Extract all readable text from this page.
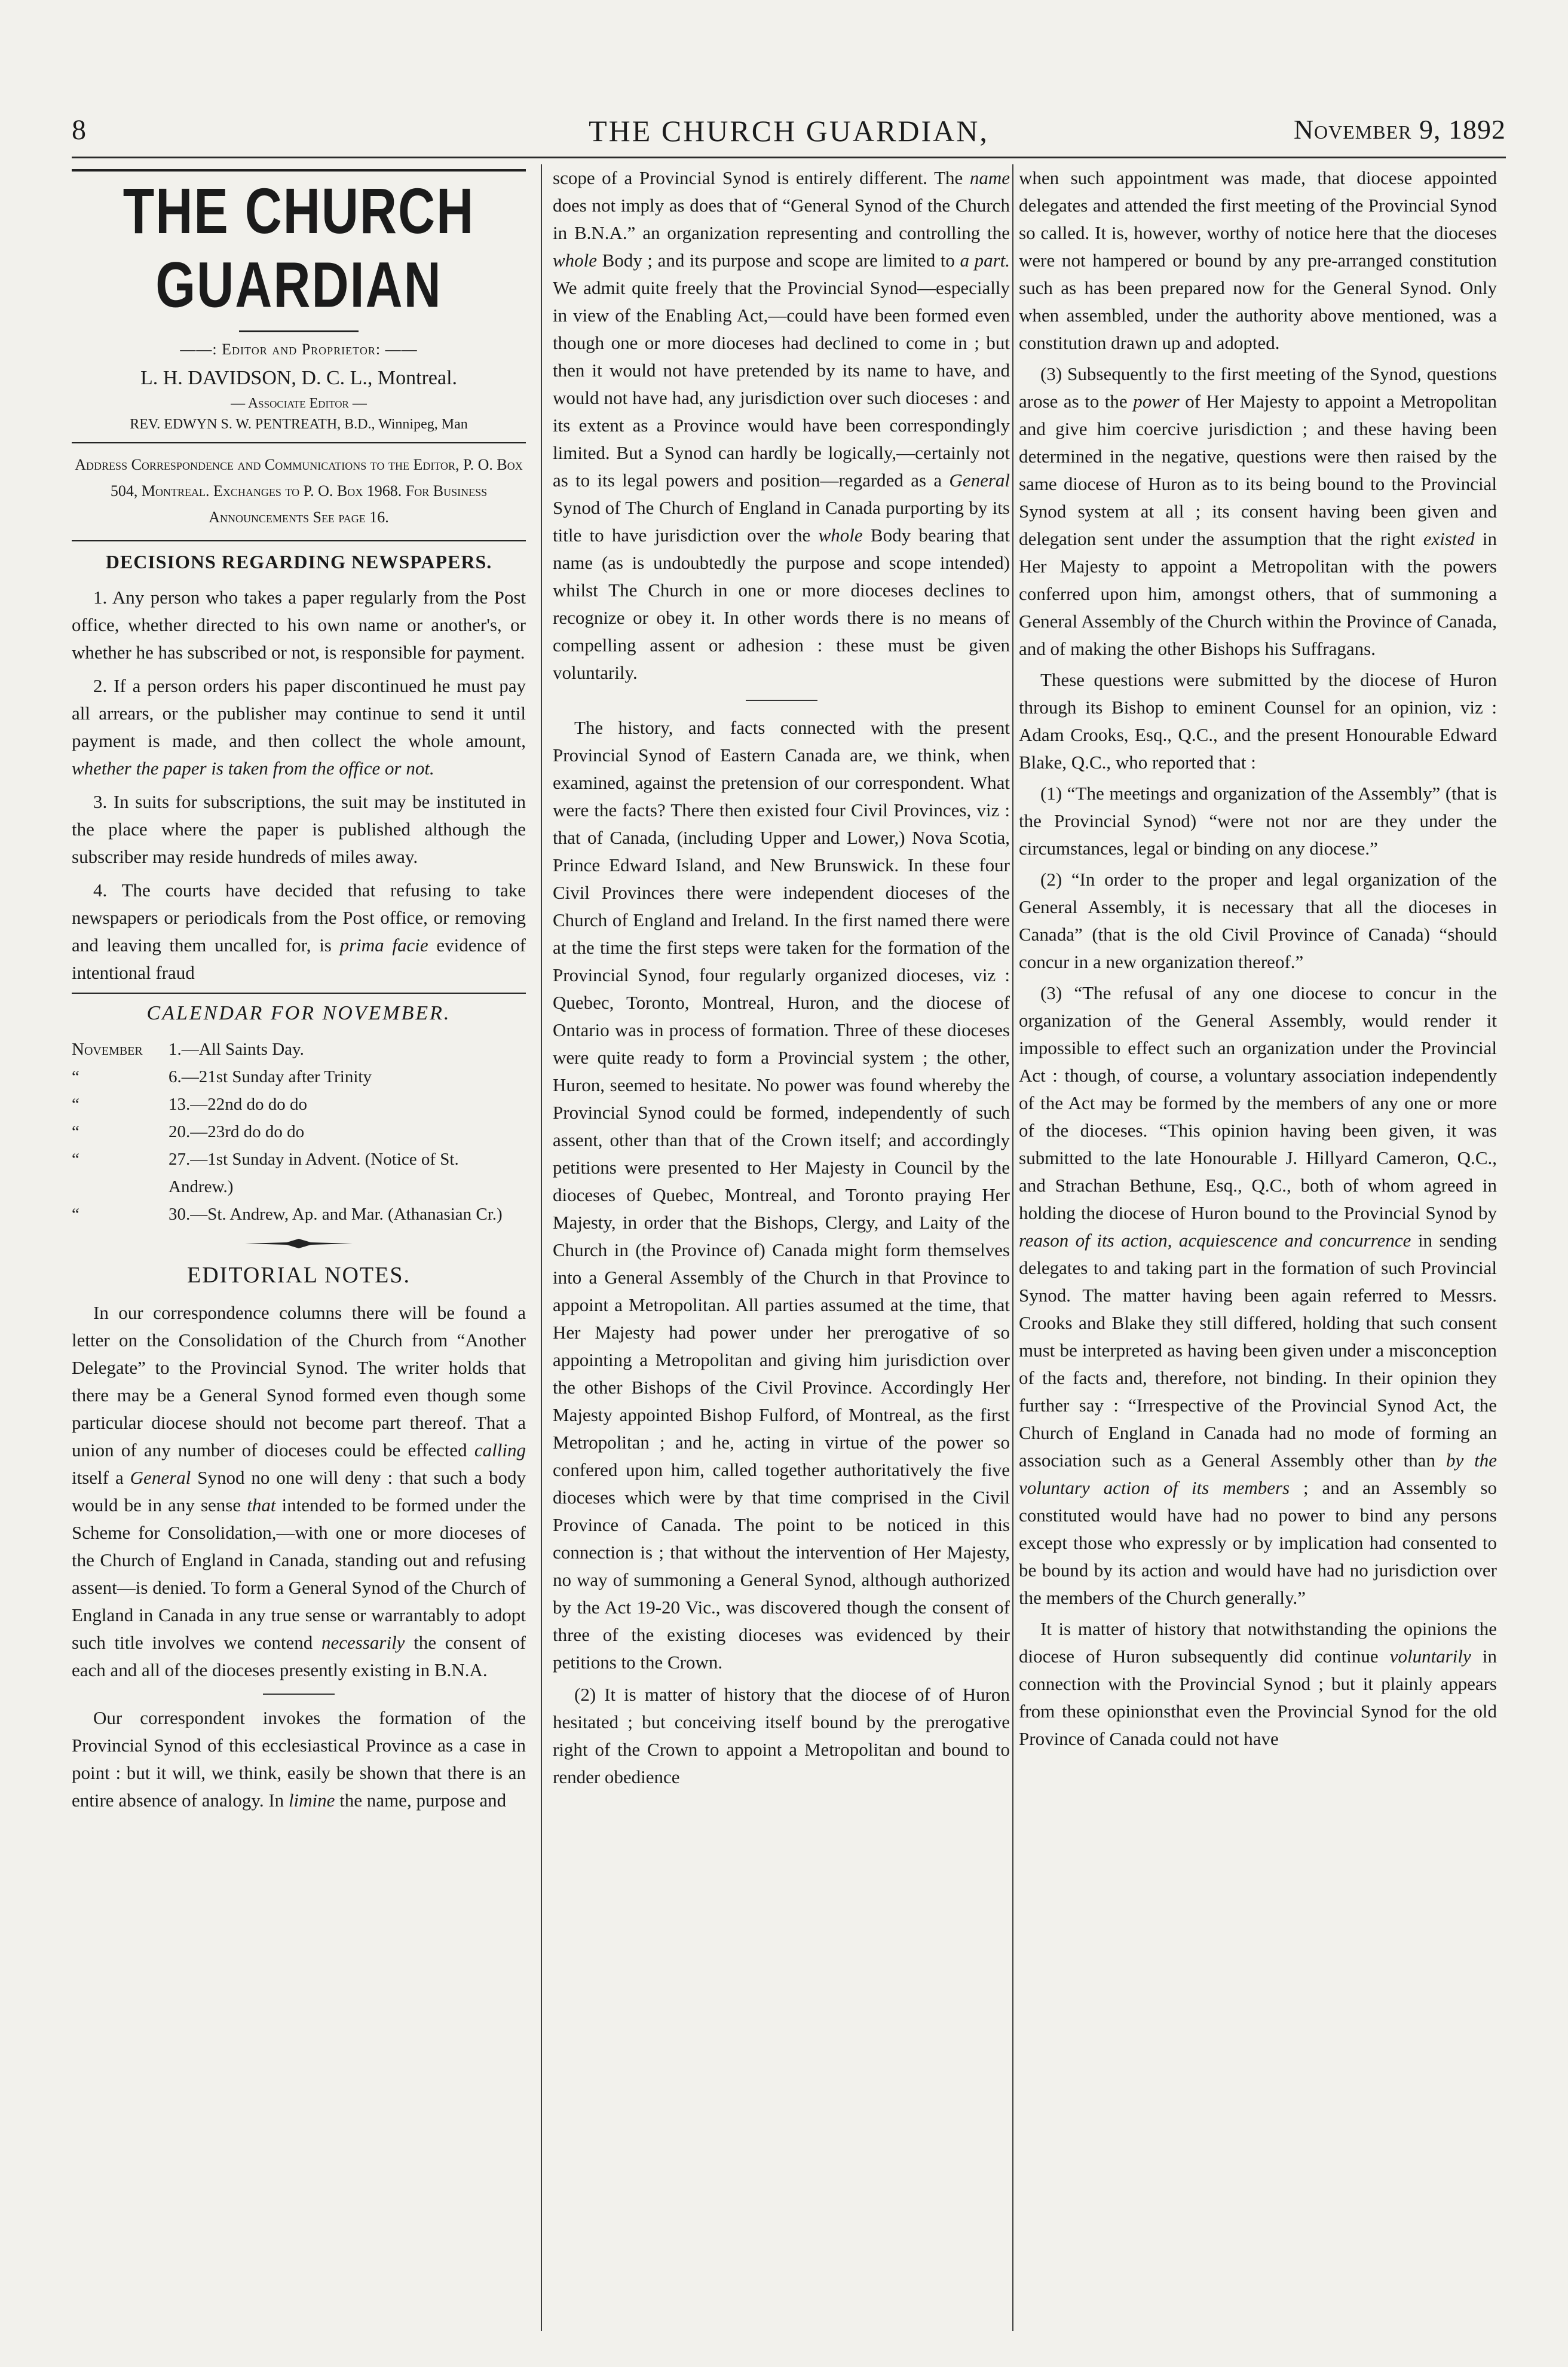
8	THE CHURCH GUARDIAN,	November 9, 1892
THE CHURCH GUARDIAN
——: Editor and Proprietor: ——
L. H. DAVIDSON, D. C. L., Montreal.
— Associate Editor —
REV. EDWYN S. W. PENTREATH, B.D., Winnipeg, Man
Address Correspondence and Communications to the Editor, P. O. Box 504, Montreal. Exchanges to P. O. Box 1968. For Business Announcements See page 16.
DECISIONS REGARDING NEWSPAPERS.

1. Any person who takes a paper regularly from the Post office, whether directed to his own name or another's, or whether he has subscribed or not, is responsible for payment.

2. If a person orders his paper discontinued he must pay all arrears, or the publisher may continue to send it until payment is made, and then collect the whole amount, whether the paper is taken from the office or not.

3. In suits for subscriptions, the suit may be instituted in the place where the paper is published although the subscriber may reside hundreds of miles away.

4. The courts have decided that refusing to take newspapers or periodicals from the Post office, or removing and leaving them uncalled for, is prima facie evidence of intentional fraud

CALENDAR FOR NOVEMBER.
November	1.—All Saints Day.
“	6.—21st Sunday after Trinity
“	13.—22nd do do do
“	20.—23rd do do do
“	27.—1st Sunday in Advent. (Notice of St. Andrew.)
“	30.—St. Andrew, Ap. and Mar. (Athanasian Cr.)
EDITORIAL NOTES.

In our correspondence columns there will be found a letter on the Consolidation of the Church from “Another Delegate” to the Provincial Synod. The writer holds that there may be a General Synod formed even though some particular diocese should not become part thereof. That a union of any number of dioceses could be effected calling itself a General Synod no one will deny : that such a body would be in any sense that intended to be formed under the Scheme for Consolidation,—with one or more dioceses of the Church of England in Canada, standing out and refusing assent—is denied. To form a General Synod of the Church of England in Canada in any true sense or warrantably to adopt such title involves we contend necessarily the consent of each and all of the dioceses presently existing in B.N.A.

Our correspondent invokes the formation of the Provincial Synod of this ecclesiastical Province as a case in point : but it will, we think, easily be shown that there is an entire absence of analogy. In limine the name, purpose and

scope of a Provincial Synod is entirely different. The name does not imply as does that of “General Synod of the Church in B.N.A.” an organization representing and controlling the whole Body ; and its purpose and scope are limited to a part. We admit quite freely that the Provincial Synod—especially in view of the Enabling Act,—could have been formed even though one or more dioceses had declined to come in ; but then it would not have pretended by its name to have, and would not have had, any jurisdiction over such dioceses : and its extent as a Province would have been correspondingly limited. But a Synod can hardly be logically,—certainly not as to its legal powers and position—regarded as a General Synod of The Church of England in Canada purporting by its title to have jurisdiction over the whole Body bearing that name (as is undoubtedly the purpose and scope intended) whilst The Church in one or more dioceses declines to recognize or obey it. In other words there is no means of compelling assent or adhesion : these must be given voluntarily.

The history, and facts connected with the present Provincial Synod of Eastern Canada are, we think, when examined, against the pretension of our correspondent. What were the facts? There then existed four Civil Provinces, viz : that of Canada, (including Upper and Lower,) Nova Scotia, Prince Edward Island, and New Brunswick. In these four Civil Provinces there were independent dioceses of the Church of England and Ireland. In the first named there were at the time the first steps were taken for the formation of the Provincial Synod, four regularly organized dioceses, viz : Quebec, Toronto, Montreal, Huron, and the diocese of Ontario was in process of formation. Three of these dioceses were quite ready to form a Provincial system ; the other, Huron, seemed to hesitate. No power was found whereby the Provincial Synod could be formed, independently of such assent, other than that of the Crown itself; and accordingly petitions were presented to Her Majesty in Council by the dioceses of Quebec, Montreal, and Toronto praying Her Majesty, in order that the Bishops, Clergy, and Laity of the Church in (the Province of) Canada might form themselves into a General Assembly of the Church in that Province to appoint a Metropolitan. All parties assumed at the time, that Her Majesty had power under her prerogative of so appointing a Metropolitan and giving him jurisdiction over the other Bishops of the Civil Province. Accordingly Her Majesty appointed Bishop Fulford, of Montreal, as the first Metropolitan ; and he, acting in virtue of the power so confered upon him, called together authoritatively the five dioceses which were by that time comprised in the Civil Province of Canada. The point to be noticed in this connection is ; that without the intervention of Her Majesty, no way of summoning a General Synod, although authorized by the Act 19-20 Vic., was discovered though the consent of three of the existing dioceses was evidenced by their petitions to the Crown.

(2) It is matter of history that the diocese of of Huron hesitated ; but conceiving itself bound by the prerogative right of the Crown to appoint a Metropolitan and bound to render obedience

when such appointment was made, that diocese appointed delegates and attended the first meeting of the Provincial Synod so called. It is, however, worthy of notice here that the dioceses were not hampered or bound by any pre-arranged constitution such as has been prepared now for the General Synod. Only when assembled, under the authority above mentioned, was a constitution drawn up and adopted.

(3) Subsequently to the first meeting of the Synod, questions arose as to the power of Her Majesty to appoint a Metropolitan and give him coercive jurisdiction ; and these having been determined in the negative, questions were then raised by the same diocese of Huron as to its being bound to the Provincial Synod system at all ; its consent having been given and delegation sent under the assumption that the right existed in Her Majesty to appoint a Metropolitan with the powers conferred upon him, amongst others, that of summoning a General Assembly of the Church within the Province of Canada, and of making the other Bishops his Suffragans.

These questions were submitted by the diocese of Huron through its Bishop to eminent Counsel for an opinion, viz : Adam Crooks, Esq., Q.C., and the present Honourable Edward Blake, Q.C., who reported that :

(1) “The meetings and organization of the Assembly” (that is the Provincial Synod) “were not nor are they under the circumstances, legal or binding on any diocese.”

(2) “In order to the proper and legal organization of the General Assembly, it is necessary that all the dioceses in Canada” (that is the old Civil Province of Canada) “should concur in a new organization thereof.”

(3) “The refusal of any one diocese to concur in the organization of the General Assembly, would render it impossible to effect such an organization under the Provincial Act : though, of course, a voluntary association independently of the Act may be formed by the members of any one or more of the dioceses. “This opinion having been given, it was submitted to the late Honourable J. Hillyard Cameron, Q.C., and Strachan Bethune, Esq., Q.C., both of whom agreed in holding the diocese of Huron bound to the Provincial Synod by reason of its action, acquiescence and concurrence in sending delegates to and taking part in the formation of such Provincial Synod. The matter having been again referred to Messrs. Crooks and Blake they still differed, holding that such consent must be interpreted as having been given under a misconception of the facts and, therefore, not binding. In their opinion they further say : “Irrespective of the Provincial Synod Act, the Church of England in Canada had no mode of forming an association such as a General Assembly other than by the voluntary action of its members ; and an Assembly so constituted would have had no power to bind any persons except those who expressly or by implication had consented to be bound by its action and would have had no jurisdiction over the members of the Church generally.”

It is matter of history that notwithstanding the opinions the diocese of Huron subsequently did continue voluntarily in connection with the Provincial Synod ; but it plainly appears from these opinionsthat even the Provincial Synod for the old Province of Canada could not have
